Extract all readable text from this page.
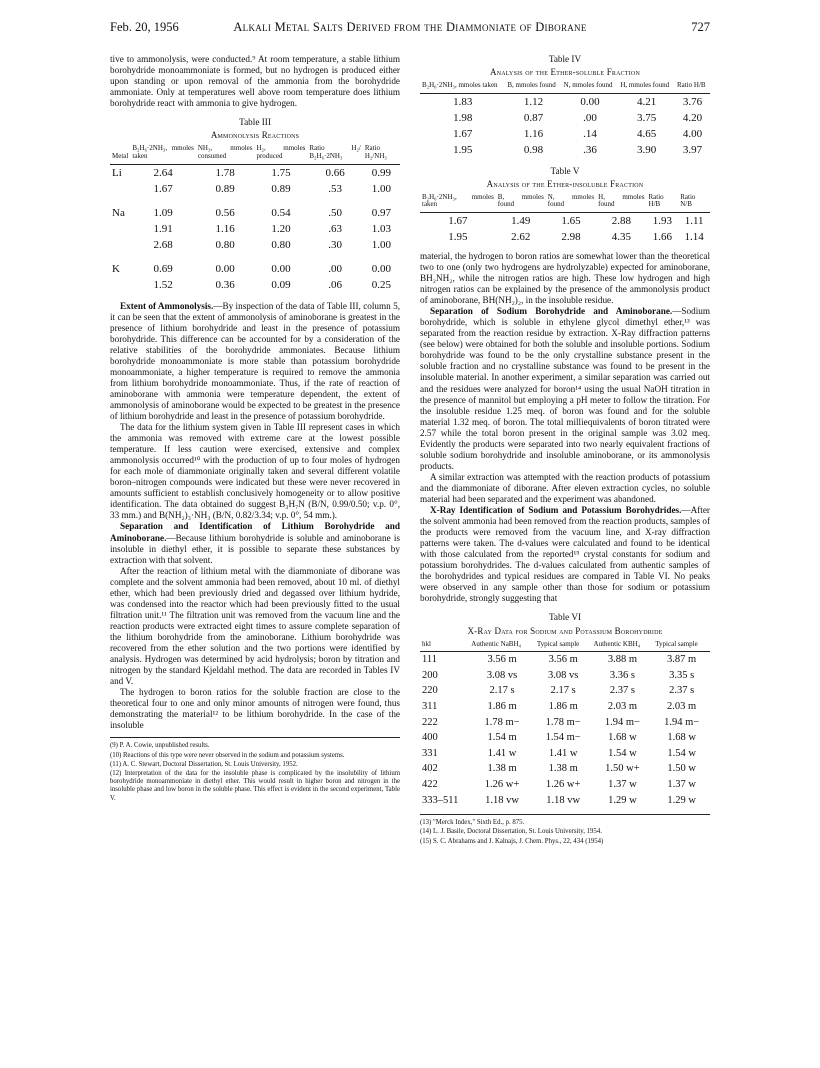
Feb. 20, 1956	Alkali Metal Salts Derived from the Diammoniate of Diborane	727

tive to ammonolysis, were conducted.⁹ At room temperature, a stable lithium borohydride monoammoniate is formed, but no hydrogen is produced either upon standing or upon removal of the ammonia from the borohydride ammoniate. Only at temperatures well above room temperature does lithium borohydride react with ammonia to give hydrogen.

Table III
Ammonolysis Reactions
Metal	B₂H₆·2NH₃, mmoles taken	NH₃, mmoles consumed	H₂, mmoles produced	Ratio H₂/ B₂H₆·2NH₃	Ratio H₂/NH₃
Li	2.64	1.78	1.75	0.66	0.99
	1.67	0.89	0.89	.53	1.00

Na	1.09	0.56	0.54	.50	0.97
	1.91	1.16	1.20	.63	1.03
	2.68	0.80	0.80	.30	1.00

K	0.69	0.00	0.00	.00	0.00
	1.52	0.36	0.09	.06	0.25

Extent of Ammonolysis.—By inspection of the data of Table III, column 5, it can be seen that the extent of ammonolysis of aminoborane is greatest in the presence of lithium borohydride and least in the presence of potassium borohydride. This difference can be accounted for by a consideration of the relative stabilities of the borohydride ammoniates. Because lithium borohydride monoammoniate is more stable than potassium borohydride monoammoniate, a higher temperature is required to remove the ammonia from lithium borohydride monoammoniate. Thus, if the rate of reaction of aminoborane with ammonia were temperature dependent, the extent of ammonolysis of aminoborane would be expected to be greatest in the presence of lithium borohydride and least in the presence of potassium borohydride.

The data for the lithium system given in Table III represent cases in which the ammonia was removed with extreme care at the lowest possible temperature. If less caution were exercised, extensive and complex ammonolysis occurred¹⁰ with the production of up to four moles of hydrogen for each mole of diammoniate originally taken and several different volatile boron–nitrogen compounds were indicated but these were never recovered in amounts sufficient to establish conclusively homogeneity or to allow positive identification. The data obtained do suggest B₃H₇N (B/N, 0.99/0.50; v.p. 0°, 33 mm.) and B(NH₂)₃·NH₃ (B/N, 0.82/3.34; v.p. 0°, 54 mm.).

Separation and Identification of Lithium Borohydride and Aminoborane.—Because lithium borohydride is soluble and aminoborane is insoluble in diethyl ether, it is possible to separate these substances by extraction with that solvent.

After the reaction of lithium metal with the diammoniate of diborane was complete and the solvent ammonia had been removed, about 10 ml. of diethyl ether, which had been previously dried and degassed over lithium hydride, was condensed into the reactor which had been previously fitted to the usual filtration unit.¹¹ The filtration unit was removed from the vacuum line and the reaction products were extracted eight times to assure complete separation of the lithium borohydride from the aminoborane. Lithium borohydride was recovered from the ether solution and the two portions were identified by analysis. Hydrogen was determined by acid hydrolysis; boron by titration and nitrogen by the standard Kjeldahl method. The data are recorded in Tables IV and V.

The hydrogen to boron ratios for the soluble fraction are close to the theoretical four to one and only minor amounts of nitrogen were found, thus demonstrating the material¹² to be lithium borohydride. In the case of the insoluble

(9) P. A. Cowie, unpublished results.
(10) Reactions of this type were never observed in the sodium and potassium systems.
(11) A. C. Stewart, Doctoral Dissertation, St. Louis University, 1952.
(12) Interpretation of the data for the insoluble phase is complicated by the insolubility of lithium borohydride monoammoniate in diethyl ether. This would result in higher boron and nitrogen in the insoluble phase and low boron in the soluble phase. This effect is evident in the second experiment, Table V.
Table IV
Analysis of the Ether-soluble Fraction
B₂H₆·2NH₃, mmoles taken	B, mmoles found	N, mmoles found	H, mmoles found	Ratio H/B
1.83	1.12	0.00	4.21	3.76
1.98	0.87	.00	3.75	4.20
1.67	1.16	.14	4.65	4.00
1.95	0.98	.36	3.90	3.97
Table V
Analysis of the Ether-insoluble Fraction
B₂H₆·2NH₃, mmoles taken	B, mmoles found	N, mmoles found	H, mmoles found	Ratio H/B	Ratio N/B
1.67	1.49	1.65	2.88	1.93	1.11
1.95	2.62	2.98	4.35	1.66	1.14

material, the hydrogen to boron ratios are somewhat lower than the theoretical two to one (only two hydrogens are hydrolyzable) expected for aminoborane, BH₂NH₂, while the nitrogen ratios are high. These low hydrogen and high nitrogen ratios can be explained by the presence of the ammonolysis product of aminoborane, BH(NH₂)₂, in the insoluble residue.

Separation of Sodium Borohydride and Aminoborane.—Sodium borohydride, which is soluble in ethylene glycol dimethyl ether,¹³ was separated from the reaction residue by extraction. X-Ray diffraction patterns (see below) were obtained for both the soluble and insoluble portions. Sodium borohydride was found to be the only crystalline substance present in the soluble fraction and no crystalline substance was found to be present in the insoluble material. In another experiment, a similar separation was carried out and the residues were analyzed for boron¹⁴ using the usual NaOH titration in the presence of mannitol but employing a pH meter to follow the titration. For the insoluble residue 1.25 meq. of boron was found and for the soluble material 1.32 meq. of boron. The total milliequivalents of boron titrated were 2.57 while the total boron present in the original sample was 3.02 meq. Evidently the products were separated into two nearly equivalent fractions of soluble sodium borohydride and insoluble aminoborane, or its ammonolysis products.

A similar extraction was attempted with the reaction products of potassium and the diammoniate of diborane. After eleven extraction cycles, no soluble material had been separated and the experiment was abandoned.

X-Ray Identification of Sodium and Potassium Borohydrides.—After the solvent ammonia had been removed from the reaction products, samples of the products were removed from the vacuum line, and X-ray diffraction patterns were taken. The d-values were calculated and found to be identical with those calculated from the reported¹⁵ crystal constants for sodium and potassium borohydrides. The d-values calculated from authentic samples of the borohydrides and typical residues are compared in Table VI. No peaks were observed in any sample other than those for sodium or potassium borohydride, strongly suggesting that

Table VI
X-Ray Data for Sodium and Potassium Borohydride
hkl	Authentic NaBH₄	Typical sample	Authentic KBH₄	Typical sample
111	3.56 m	3.56 m	3.88 m	3.87 m
200	3.08 vs	3.08 vs	3.36 s	3.35 s
220	2.17 s	2.17 s	2.37 s	2.37 s
311	1.86 m	1.86 m	2.03 m	2.03 m
222	1.78 m−	1.78 m−	1.94 m−	1.94 m−
400	1.54 m	1.54 m−	1.68 w	1.68 w
331	1.41 w	1.41 w	1.54 w	1.54 w
402	1.38 m	1.38 m	1.50 w+	1.50 w
422	1.26 w+	1.26 w+	1.37 w	1.37 w
333–511	1.18 vw	1.18 vw	1.29 w	1.29 w
(13) "Merck Index," Sixth Ed., p. 875.
(14) L. J. Basile, Doctoral Dissertation, St. Louis University, 1954.
(15) S. C. Abrahams and J. Kalnajs, J. Chem. Phys., 22, 434 (1954)
